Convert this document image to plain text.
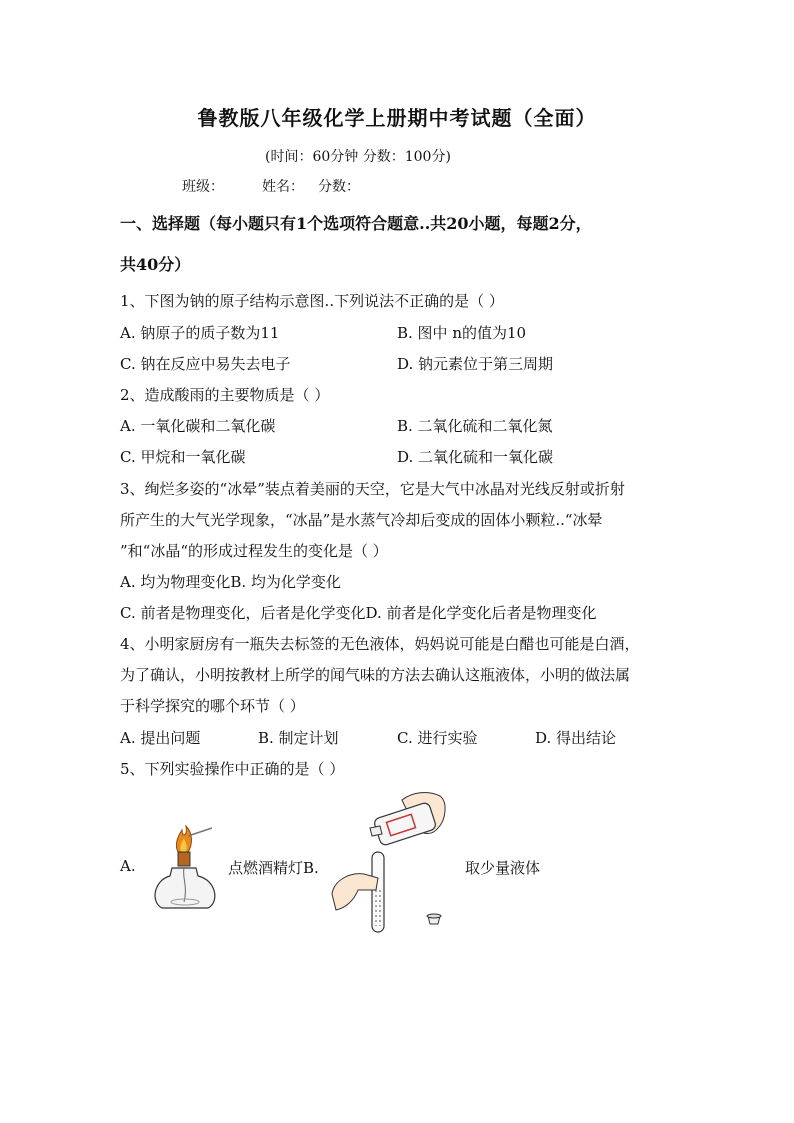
鲁教版八年级化学上册期中考试题（全面）
(时间：60分钟 分数：100分)
班级：	姓名： 分数：
一、选择题（每小题只有1个选项符合题意..共20小题，每题2分，
共40分）
1、下图为钠的原子结构示意图..下列说法不正确的是（ ）
A. 钠原子的质子数为11	B. 图中 n的值为10
C. 钠在反应中易失去电子	D. 钠元素位于第三周期
2、造成酸雨的主要物质是（ ）
A. 一氧化碳和二氧化碳	B. 二氧化硫和二氧化氮
C. 甲烷和一氧化碳	D. 二氧化硫和一氧化碳
3、绚烂多姿的“冰晕”装点着美丽的天空，它是大气中冰晶对光线反射或折射
所产生的大气光学现象，“冰晶”是水蒸气冷却后变成的固体小颗粒..“冰晕
”和“冰晶“的形成过程发生的变化是（ ）
A. 均为物理变化B. 均为化学变化
C. 前者是物理变化，后者是化学变化D. 前者是化学变化后者是物理变化
4、小明家厨房有一瓶失去标签的无色液体，妈妈说可能是白醋也可能是白酒，
为了确认，小明按教材上所学的闻气味的方法去确认这瓶液体，小明的做法属
于科学探究的哪个环节（ ）
A. 提出问题	B. 制定计划	C. 进行实验	D. 得出结论
5、下列实验操作中正确的是（ ）
A.	点燃酒精灯B.	取少量液体
